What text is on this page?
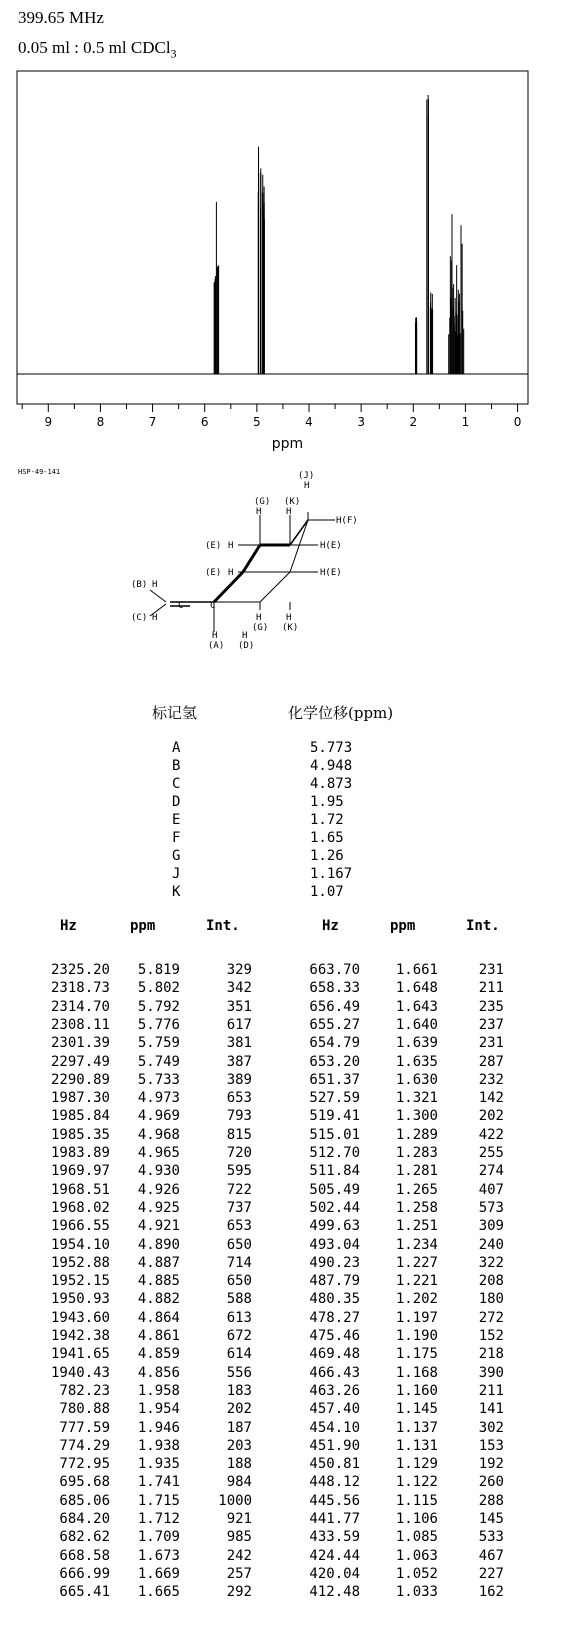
399.65 MHz
0.05 ml : 0.5 ml CDCl$_3$
9	8	7	6	5	4	3	2	1	0
ppm
HSP-49-141	(J)
H
(G)
H
(K)
H
H(F)
(E) H	H(E)
(E) H	H(E)
(B) H
C	C
(C) H	H
(G)
H
(K)
H
(A)
H
(D)
标记氢	化学位移(ppm)
A	5.773
B	4.948
C	4.873
D	1.95
E	1.72
F	1.65
G	1.26
J	1.167
K	1.07
Hz	ppm	Int.	Hz	ppm	Int.
2325.20 5.819	329	663.70	1.661	231
2318.73 5.802	342	658.33	1.648	211
2314.70 5.792	351	656.49	1.643	235
2308.11 5.776	617	655.27	1.640	237
2301.39 5.759	381	654.79	1.639	231
2297.49 5.749	387	653.20	1.635	287
2290.89 5.733	389	651.37	1.630	232
1987.30 4.973	653	527.59	1.321	142
1985.84 4.969	793	519.41	1.300	202
1985.35 4.968	815	515.01	1.289	422
1983.89 4.965	720	512.70	1.283	255
1969.97 4.930	595	511.84	1.281	274
1968.51 4.926	722	505.49	1.265	407
1968.02 4.925	737	502.44	1.258	573
1966.55 4.921	653	499.63	1.251	309
1954.10 4.890	650	493.04	1.234	240
1952.88 4.887	714	490.23	1.227	322
1952.15 4.885	650	487.79	1.221	208
1950.93 4.882	588	480.35	1.202	180
1943.60 4.864	613	478.27	1.197	272
1942.38 4.861	672	475.46	1.190	152
1941.65 4.859	614	469.48	1.175	218
1940.43 4.856	556	466.43	1.168	390
782.23 1.958	183	463.26	1.160	211
780.88 1.954	202	457.40	1.145	141
777.59 1.946	187	454.10	1.137	302
774.29 1.938	203	451.90	1.131	153
772.95 1.935	188	450.81	1.129	192
695.68 1.741	984	448.12	1.122	260
685.06 1.715	1000	445.56	1.115	288
684.20 1.712	921	441.77	1.106	145
682.62 1.709	985	433.59	1.085	533
668.58 1.673	242	424.44	1.063	467
666.99 1.669	257	420.04	1.052	227
665.41 1.665	292	412.48	1.033	162
